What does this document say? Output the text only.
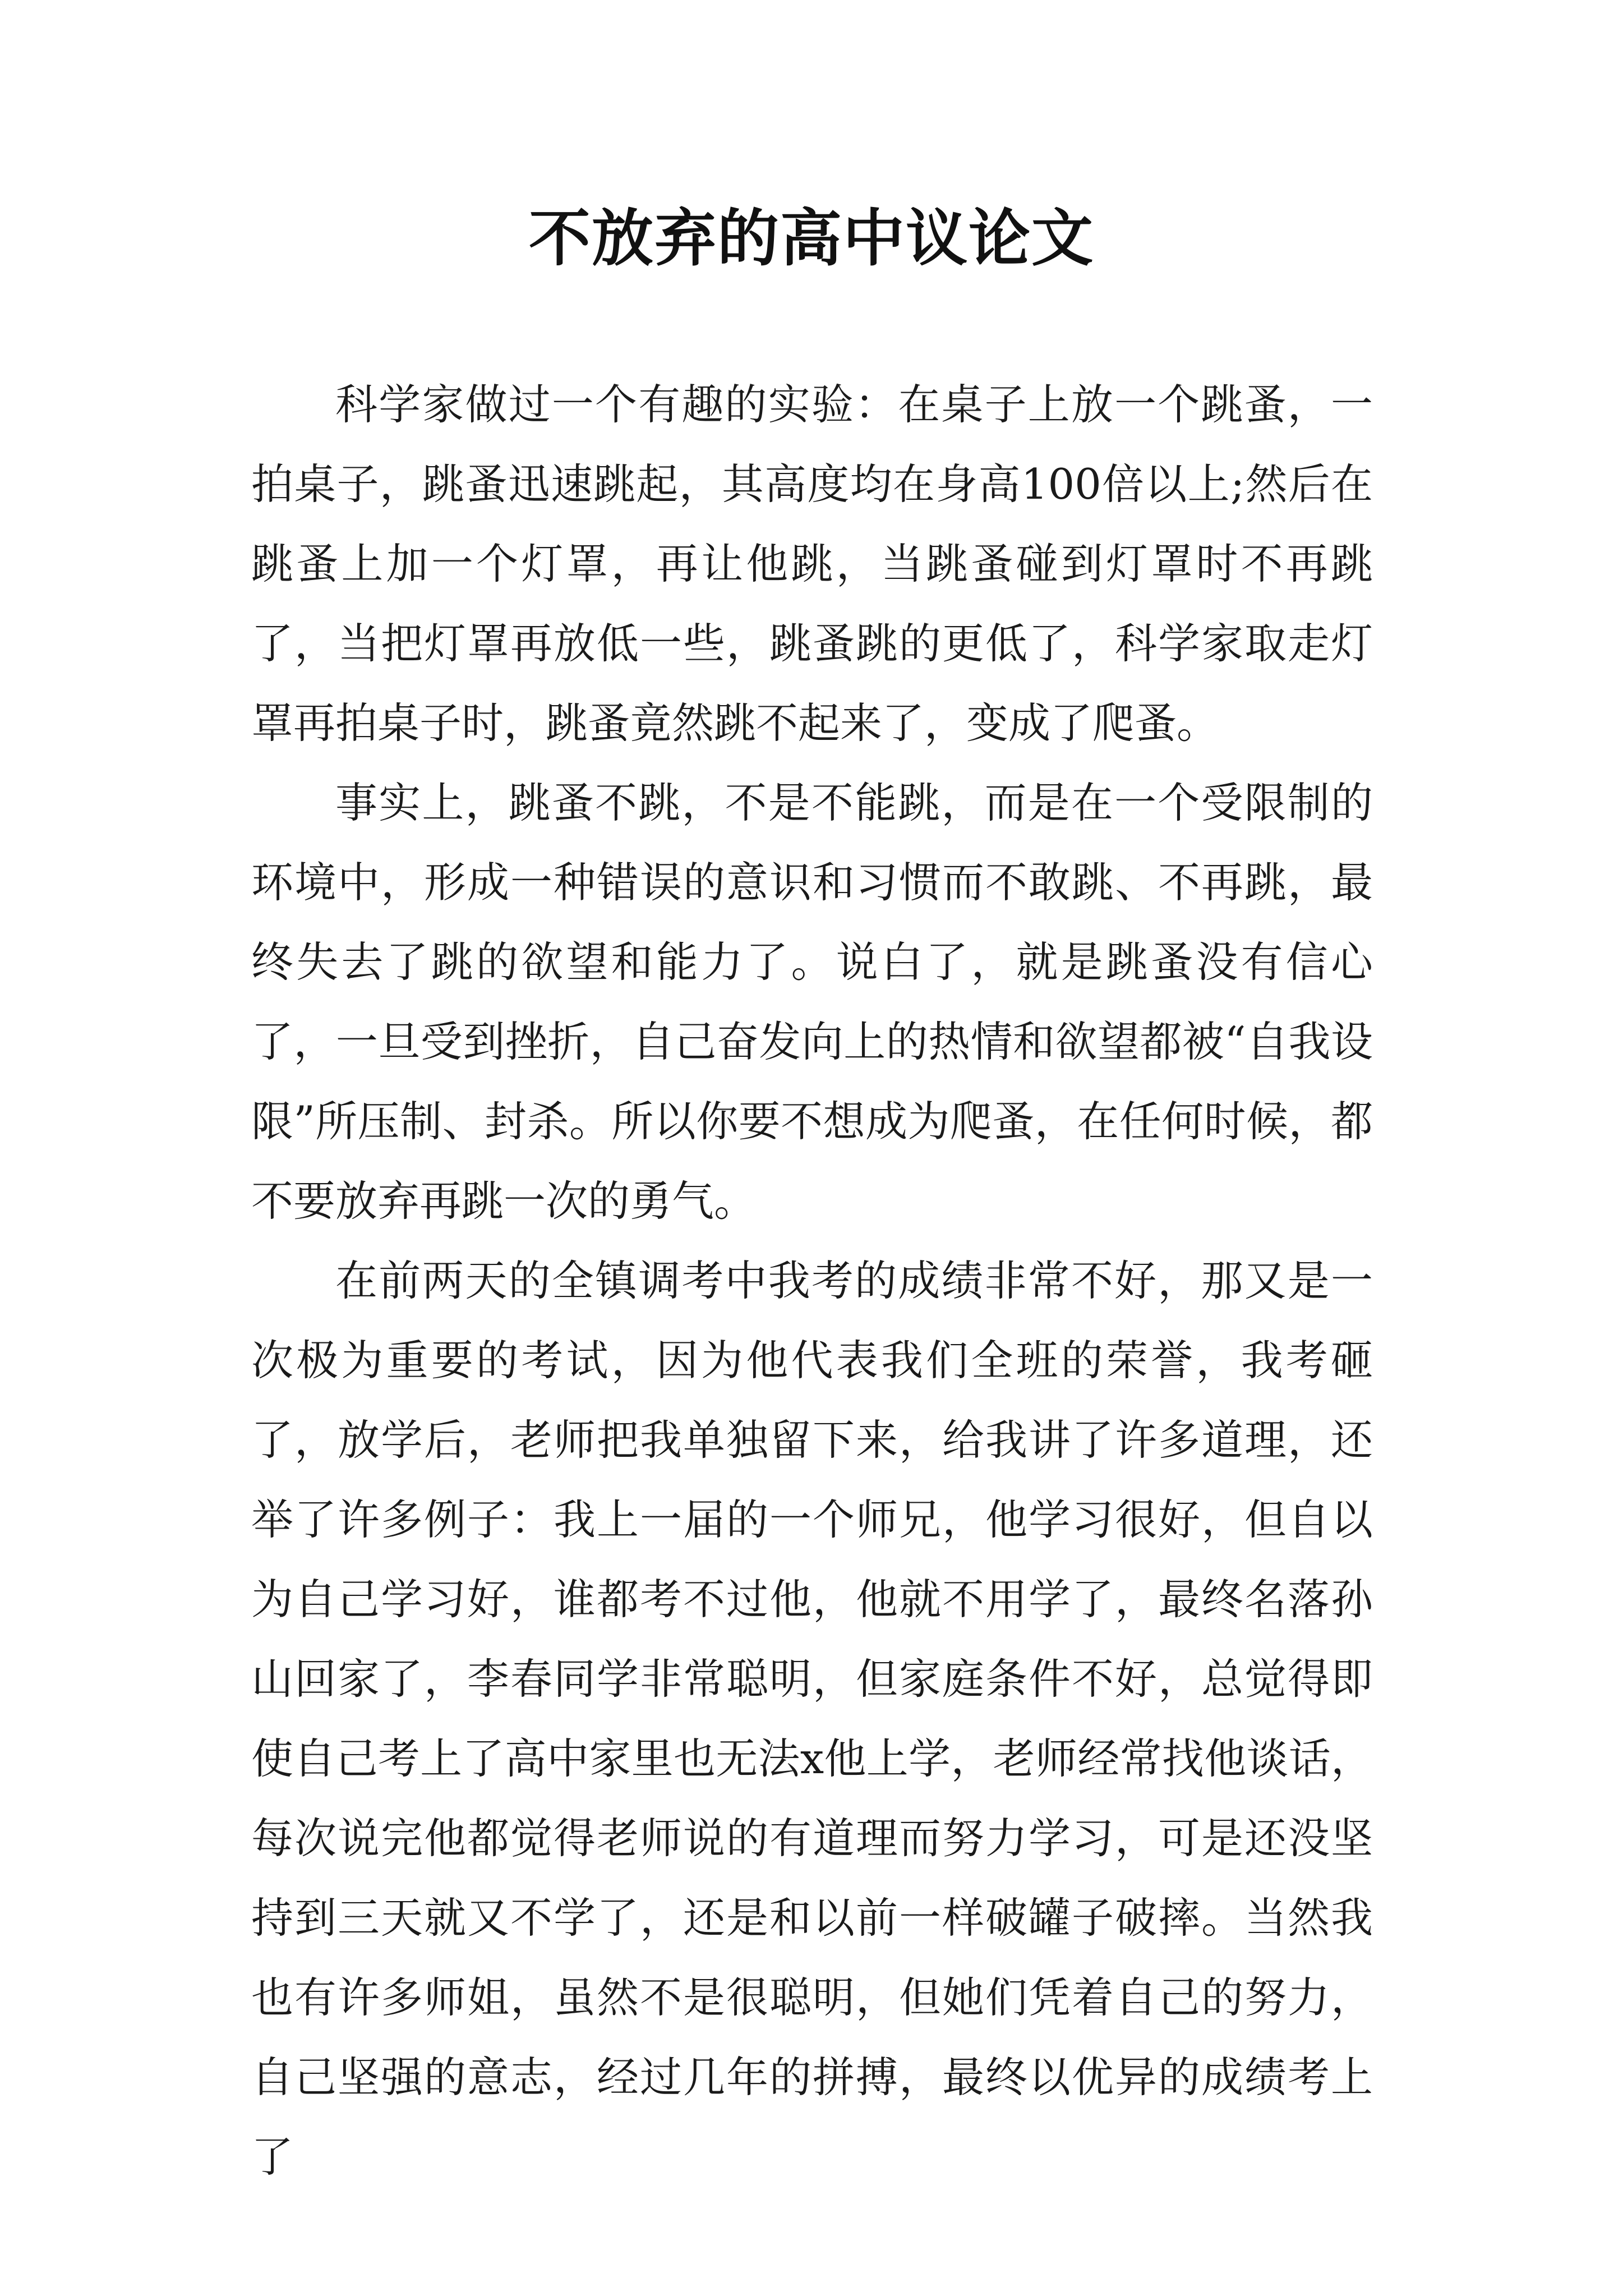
不放弃的高中议论文

科学家做过一个有趣的实验：在桌子上放一个跳蚤，一拍桌子，跳蚤迅速跳起，其高度均在身高100倍以上;然后在跳蚤上加一个灯罩，再让他跳，当跳蚤碰到灯罩时不再跳了，当把灯罩再放低一些，跳蚤跳的更低了，科学家取走灯罩再拍桌子时，跳蚤竟然跳不起来了，变成了爬蚤。

事实上，跳蚤不跳，不是不能跳，而是在一个受限制的环境中，形成一种错误的意识和习惯而不敢跳、不再跳，最终失去了跳的欲望和能力了。说白了，就是跳蚤没有信心了，一旦受到挫折，自己奋发向上的热情和欲望都被“自我设限”所压制、封杀。所以你要不想成为爬蚤，在任何时候，都不要放弃再跳一次的勇气。

在前两天的全镇调考中我考的成绩非常不好，那又是一次极为重要的考试，因为他代表我们全班的荣誉，我考砸了，放学后，老师把我单独留下来，给我讲了许多道理，还举了许多例子：我上一届的一个师兄，他学习很好，但自以为自己学习好，谁都考不过他，他就不用学了，最终名落孙山回家了，李春同学非常聪明，但家庭条件不好，总觉得即使自己考上了高中家里也无法x他上学，老师经常找他谈话，每次说完他都觉得老师说的有道理而努力学习，可是还没坚持到三天就又不学了，还是和以前一样破罐子破摔。当然我也有许多师姐，虽然不是很聪明，但她们凭着自己的努力，自己坚强的意志，经过几年的拼搏，最终以优异的成绩考上了
